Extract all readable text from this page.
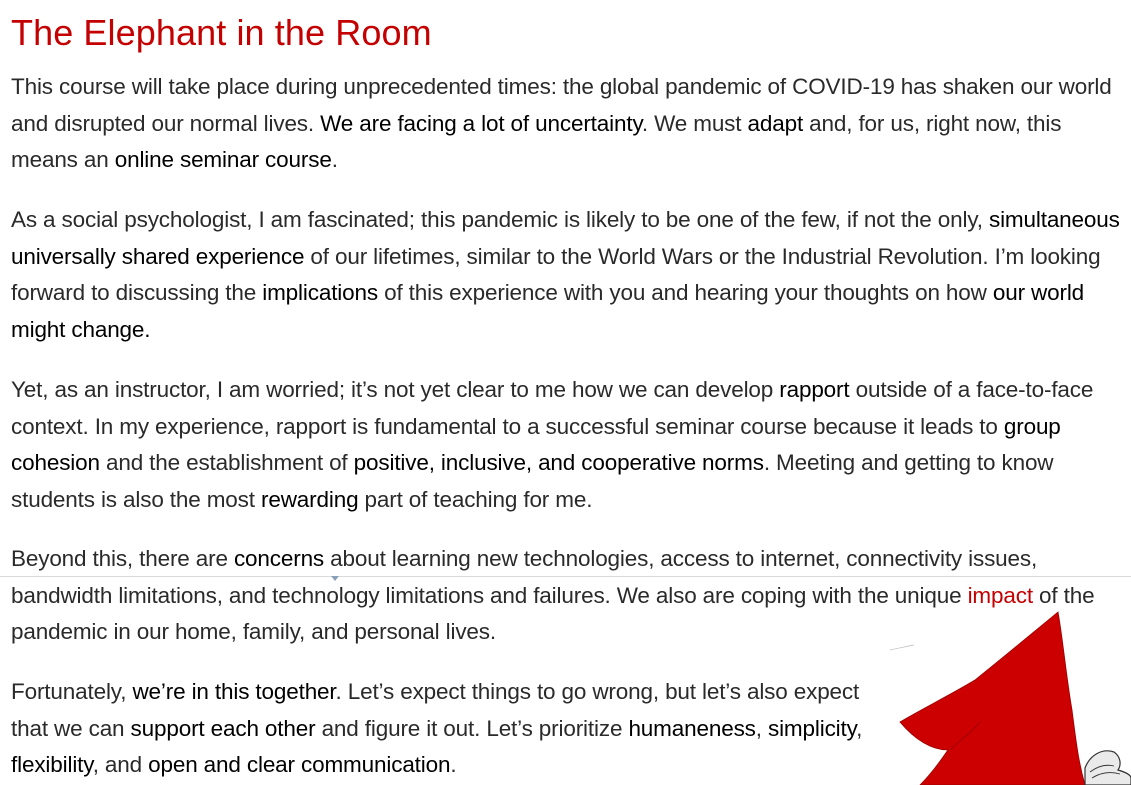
The Elephant in the Room

This course will take place during unprecedented times: the global pandemic of COVID-19 has shaken our world and disrupted our normal lives. We are facing a lot of uncertainty. We must adapt and, for us, right now, this means an online seminar course.

As a social psychologist, I am fascinated; this pandemic is likely to be one of the few, if not the only, simultaneous universally shared experience of our lifetimes, similar to the World Wars or the Industrial Revolution. I’m looking forward to discussing the implications of this experience with you and hearing your thoughts on how our world might change.

Yet, as an instructor, I am worried; it’s not yet clear to me how we can develop rapport outside of a face-to-face context. In my experience, rapport is fundamental to a successful seminar course because it leads to group cohesion and the establishment of positive, inclusive, and cooperative norms. Meeting and getting to know students is also the most rewarding part of teaching for me.

Beyond this, there are concerns about learning new technologies, access to internet, connectivity issues, bandwidth limitations, and technology limitations and failures. We also are coping with the unique impact of the pandemic in our home, family, and personal lives.

Fortunately, we’re in this together. Let’s expect things to go wrong, but let’s also expect that we can support each other and figure it out. Let’s prioritize humaneness, simplicity, flexibility, and open and clear communication.
